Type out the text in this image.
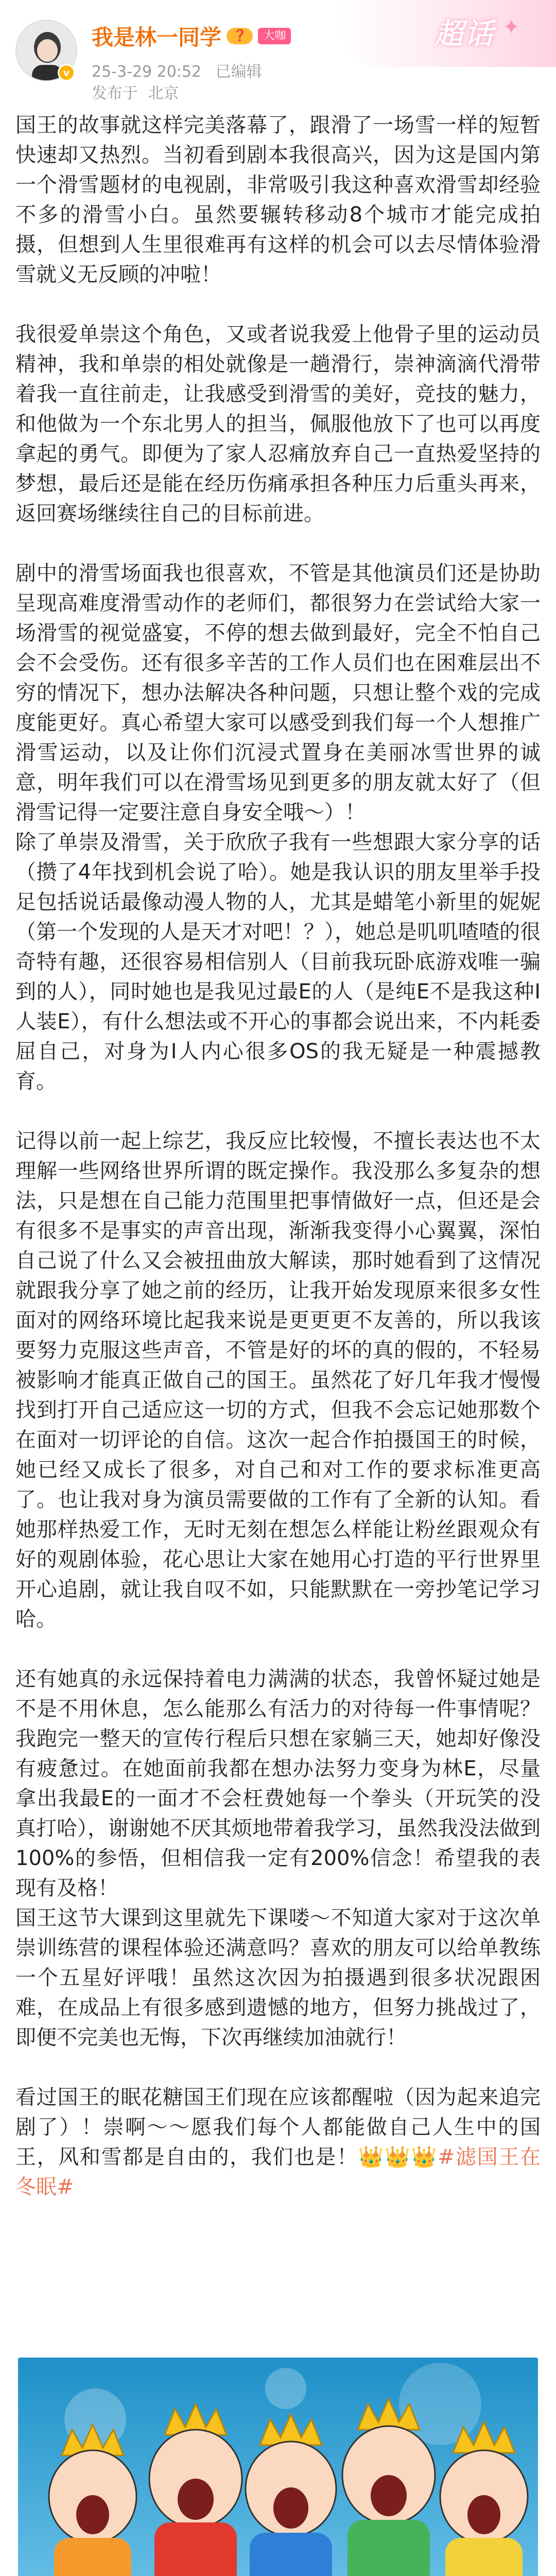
超话 ✦
v
我是林一同学	❓	大咖
25-3-29 20:52 已编辑
发布于 北京

国王的故事就这样完美落幕了，跟滑了一场雪一样的短暂快速却又热烈。当初看到剧本我很高兴，因为这是国内第一个滑雪题材的电视剧，非常吸引我这种喜欢滑雪却经验不多的滑雪小白。虽然要辗转移动8个城市才能完成拍摄，但想到人生里很难再有这样的机会可以去尽情体验滑雪就义无反顾的冲啦！

我很爱单崇这个角色，又或者说我爱上他骨子里的运动员精神，我和单崇的相处就像是一趟滑行，崇神滴滴代滑带着我一直往前走，让我感受到滑雪的美好，竞技的魅力，和他做为一个东北男人的担当，佩服他放下了也可以再度拿起的勇气。即便为了家人忍痛放弃自己一直热爱坚持的梦想，最后还是能在经历伤痛承担各种压力后重头再来，返回赛场继续往自己的目标前进。

剧中的滑雪场面我也很喜欢，不管是其他演员们还是协助呈现高难度滑雪动作的老师们，都很努力在尝试给大家一场滑雪的视觉盛宴，不停的想去做到最好，完全不怕自己会不会受伤。还有很多辛苦的工作人员们也在困难层出不穷的情况下，想办法解决各种问题，只想让整个戏的完成度能更好。真心希望大家可以感受到我们每一个人想推广滑雪运动，以及让你们沉浸式置身在美丽冰雪世界的诚意，明年我们可以在滑雪场见到更多的朋友就太好了（但滑雪记得一定要注意自身安全哦～）！

除了单崇及滑雪，关于欣欣子我有一些想跟大家分享的话（攒了4年找到机会说了哈）。她是我认识的朋友里举手投足包括说话最像动漫人物的人，尤其是蜡笔小新里的妮妮（第一个发现的人是天才对吧！？），她总是叽叽喳喳的很奇特有趣，还很容易相信别人（目前我玩卧底游戏唯一骗到的人），同时她也是我见过最E的人（是纯E不是我这种I人装E），有什么想法或不开心的事都会说出来，不内耗委屈自己，对身为I人内心很多OS的我无疑是一种震撼教育。

记得以前一起上综艺，我反应比较慢，不擅长表达也不太理解一些网络世界所谓的既定操作。我没那么多复杂的想法，只是想在自己能力范围里把事情做好一点，但还是会有很多不是事实的声音出现，渐渐我变得小心翼翼，深怕自己说了什么又会被扭曲放大解读，那时她看到了这情况就跟我分享了她之前的经历，让我开始发现原来很多女性面对的网络环境比起我来说是更更更不友善的，所以我该要努力克服这些声音，不管是好的坏的真的假的，不轻易被影响才能真正做自己的国王。虽然花了好几年我才慢慢找到打开自己适应这一切的方式，但我不会忘记她那数个在面对一切评论的自信。这次一起合作拍摄国王的时候，她已经又成长了很多，对自己和对工作的要求标准更高了。也让我对身为演员需要做的工作有了全新的认知。看她那样热爱工作，无时无刻在想怎么样能让粉丝跟观众有好的观剧体验，花心思让大家在她用心打造的平行世界里开心追剧，就让我自叹不如，只能默默在一旁抄笔记学习哈。

还有她真的永远保持着电力满满的状态，我曾怀疑过她是不是不用休息，怎么能那么有活力的对待每一件事情呢？我跑完一整天的宣传行程后只想在家躺三天，她却好像没有疲惫过。在她面前我都在想办法努力变身为林E，尽量拿出我最E的一面才不会枉费她每一个拳头（开玩笑的没真打哈），谢谢她不厌其烦地带着我学习，虽然我没法做到100%的参悟，但相信我一定有200%信念！希望我的表现有及格！

国王这节大课到这里就先下课喽～不知道大家对于这次单崇训练营的课程体验还满意吗？喜欢的朋友可以给单教练一个五星好评哦！虽然这次因为拍摄遇到很多状况跟困难，在成品上有很多感到遗憾的地方，但努力挑战过了，即便不完美也无悔，下次再继续加油就行！

看过国王的眠花糖国王们现在应该都醒啦（因为起来追完剧了）！崇啊～～愿我们每个人都能做自己人生中的国王，风和雪都是自由的，我们也是！👑👑👑#滤国王在冬眠#
